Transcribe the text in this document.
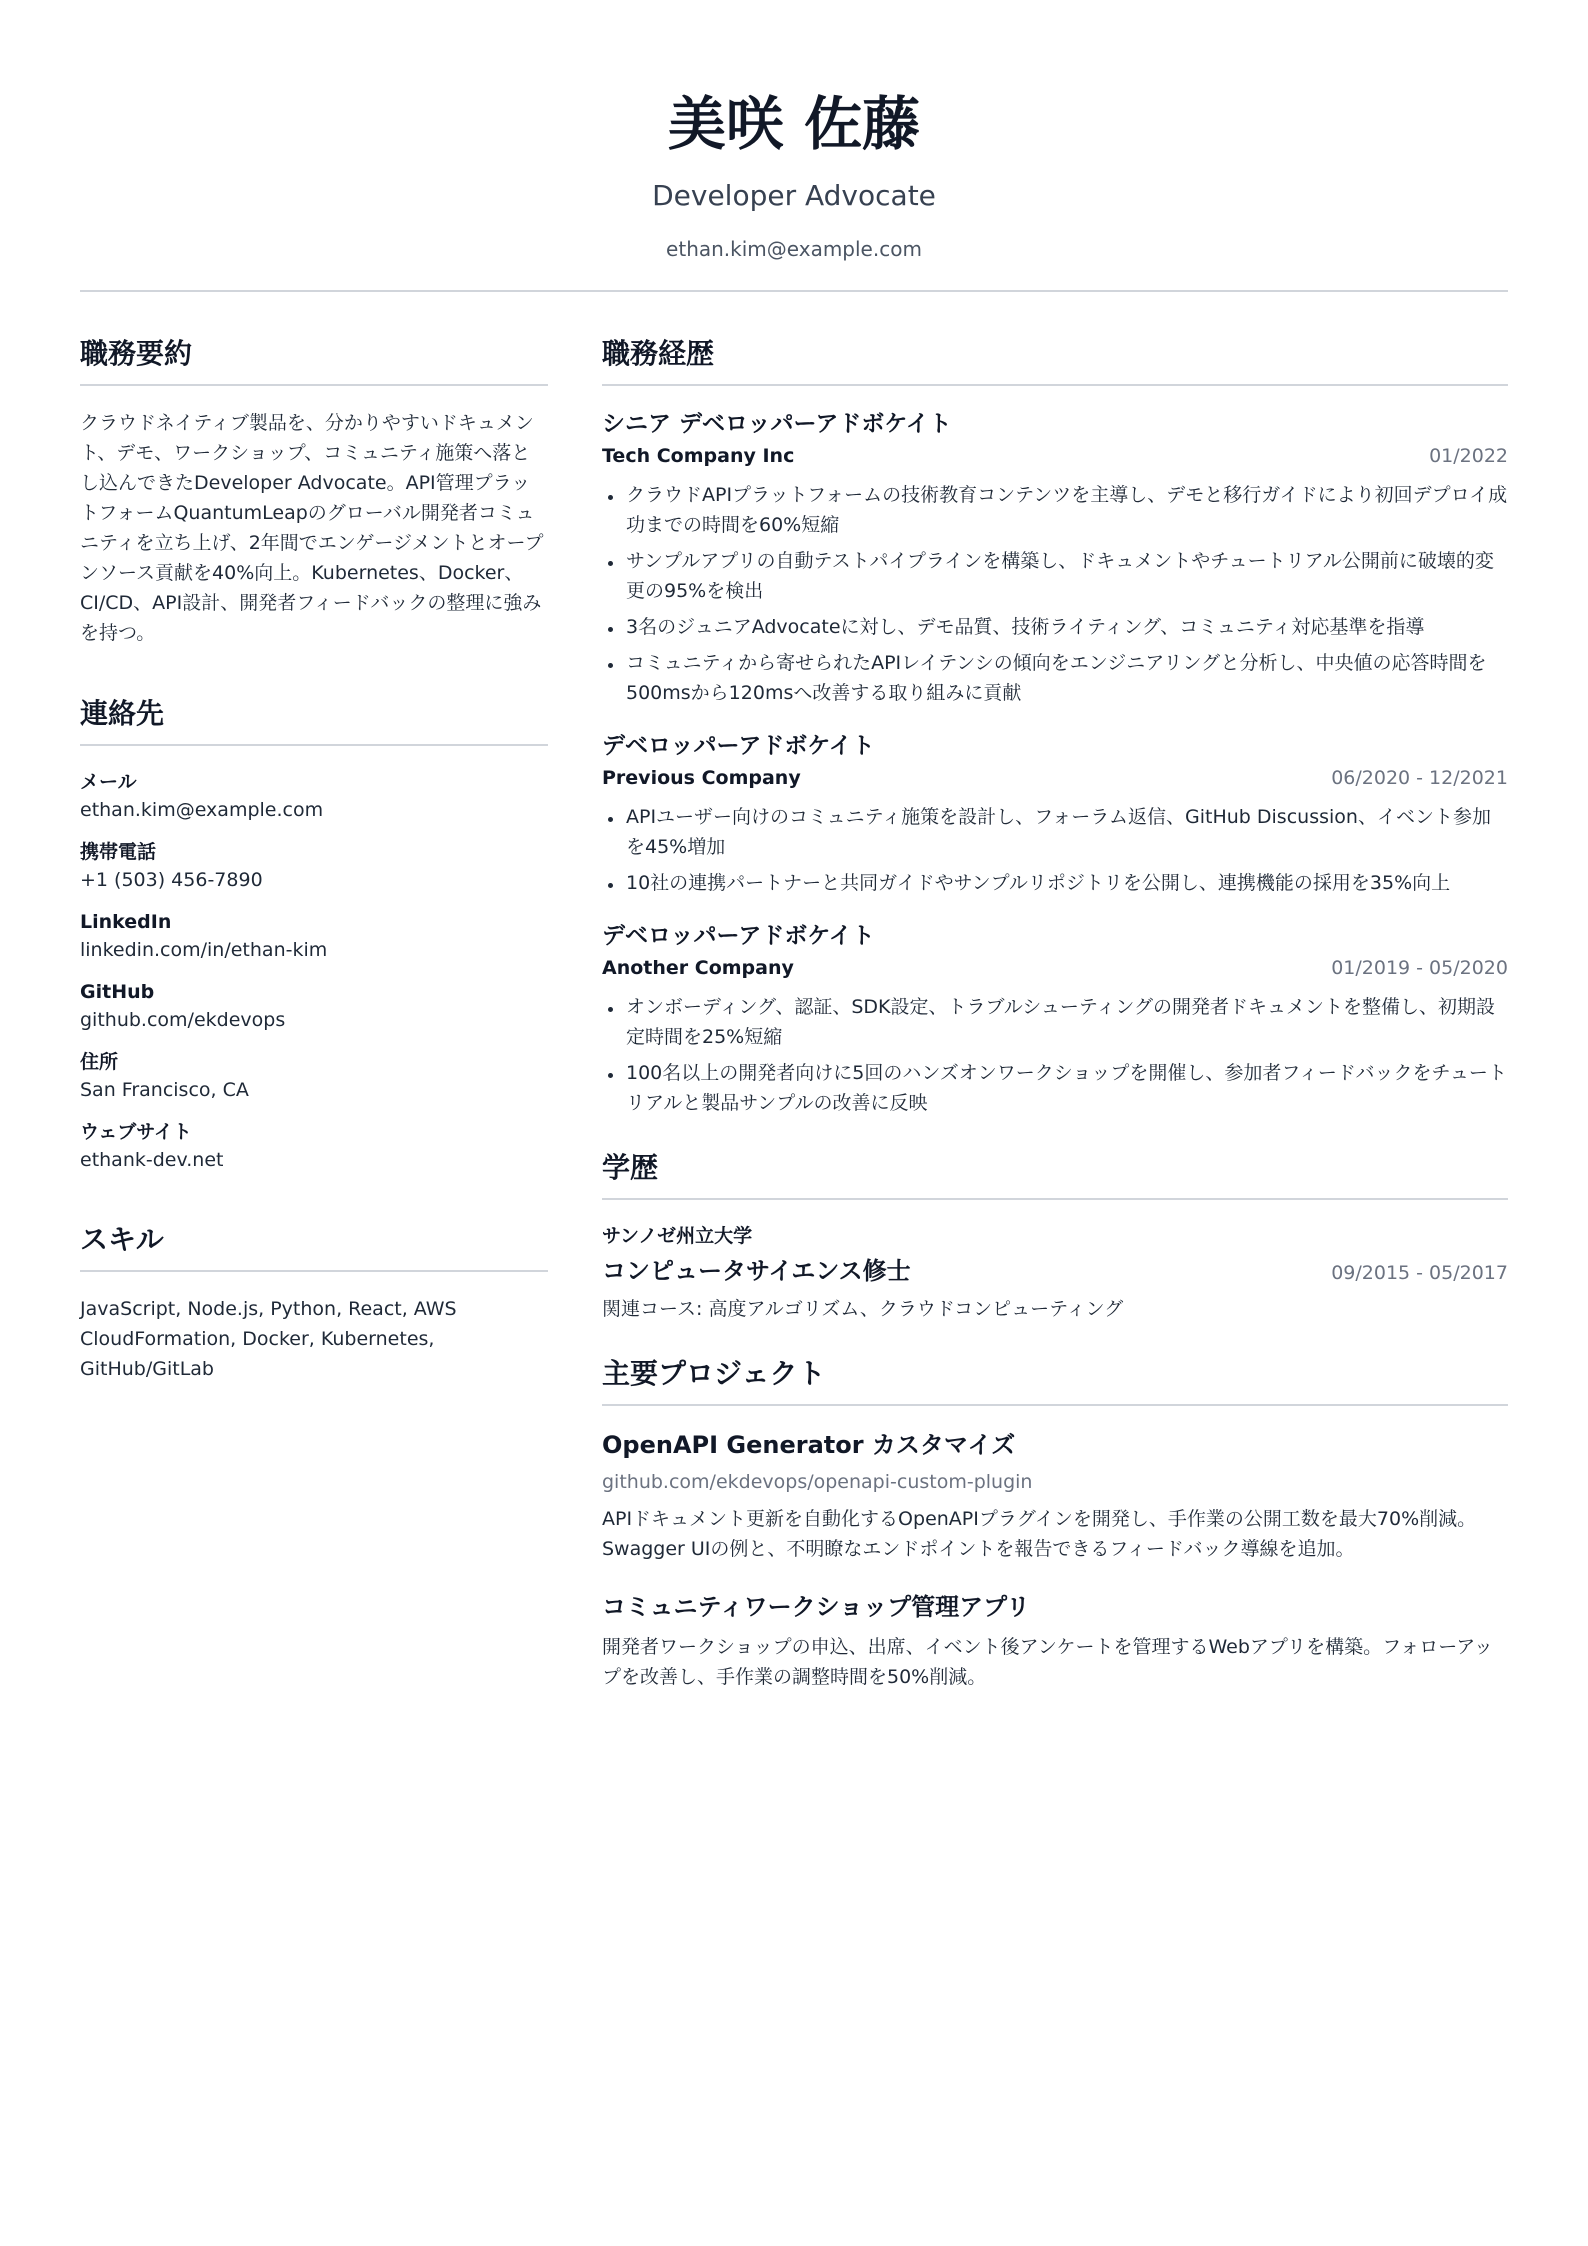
美咲 佐藤
Developer Advocate
ethan.kim@example.com
職務要約

クラウドネイティブ製品を、分かりやすいドキュメント、デモ、ワークショップ、コミュニティ施策へ落とし込んできたDeveloper Advocate。API管理プラットフォームQuantumLeapのグローバル開発者コミュニティを立ち上げ、2年間でエンゲージメントとオープンソース貢献を40%向上。Kubernetes、Docker、CI/CD、API設計、開発者フィードバックの整理に強みを持つ。

連絡先
メール
ethan.kim@example.com
携帯電話
+1 (503) 456-7890
LinkedIn
linkedin.com/in/ethan-kim
GitHub
github.com/ekdevops
住所
San Francisco, CA
ウェブサイト
ethank-dev.net
スキル

JavaScript, Node.js, Python, React, AWS CloudFormation, Docker, Kubernetes, GitHub/GitLab

職務経歴
シニア デベロッパーアドボケイト
Tech Company Inc	01/2022
クラウドAPIプラットフォームの技術教育コンテンツを主導し、デモと移行ガイドにより初回デプロイ成功までの時間を60%短縮
サンプルアプリの自動テストパイプラインを構築し、ドキュメントやチュートリアル公開前に破壊的変更の95%を検出
3名のジュニアAdvocateに対し、デモ品質、技術ライティング、コミュニティ対応基準を指導
コミュニティから寄せられたAPIレイテンシの傾向をエンジニアリングと分析し、中央値の応答時間を500msから120msへ改善する取り組みに貢献
デベロッパーアドボケイト
Previous Company	06/2020 - 12/2021
APIユーザー向けのコミュニティ施策を設計し、フォーラム返信、GitHub Discussion、イベント参加を45%増加
10社の連携パートナーと共同ガイドやサンプルリポジトリを公開し、連携機能の採用を35%向上
デベロッパーアドボケイト
Another Company	01/2019 - 05/2020
オンボーディング、認証、SDK設定、トラブルシューティングの開発者ドキュメントを整備し、初期設定時間を25%短縮
100名以上の開発者向けに5回のハンズオンワークショップを開催し、参加者フィードバックをチュートリアルと製品サンプルの改善に反映
学歴
サンノゼ州立大学
コンピュータサイエンス修士	09/2015 - 05/2017
関連コース: 高度アルゴリズム、クラウドコンピューティング
主要プロジェクト
OpenAPI Generator カスタマイズ
github.com/ekdevops/openapi-custom-plugin
APIドキュメント更新を自動化するOpenAPIプラグインを開発し、手作業の公開工数を最大70%削減。Swagger UIの例と、不明瞭なエンドポイントを報告できるフィードバック導線を追加。
コミュニティワークショップ管理アプリ
開発者ワークショップの申込、出席、イベント後アンケートを管理するWebアプリを構築。フォローアップを改善し、手作業の調整時間を50%削減。
